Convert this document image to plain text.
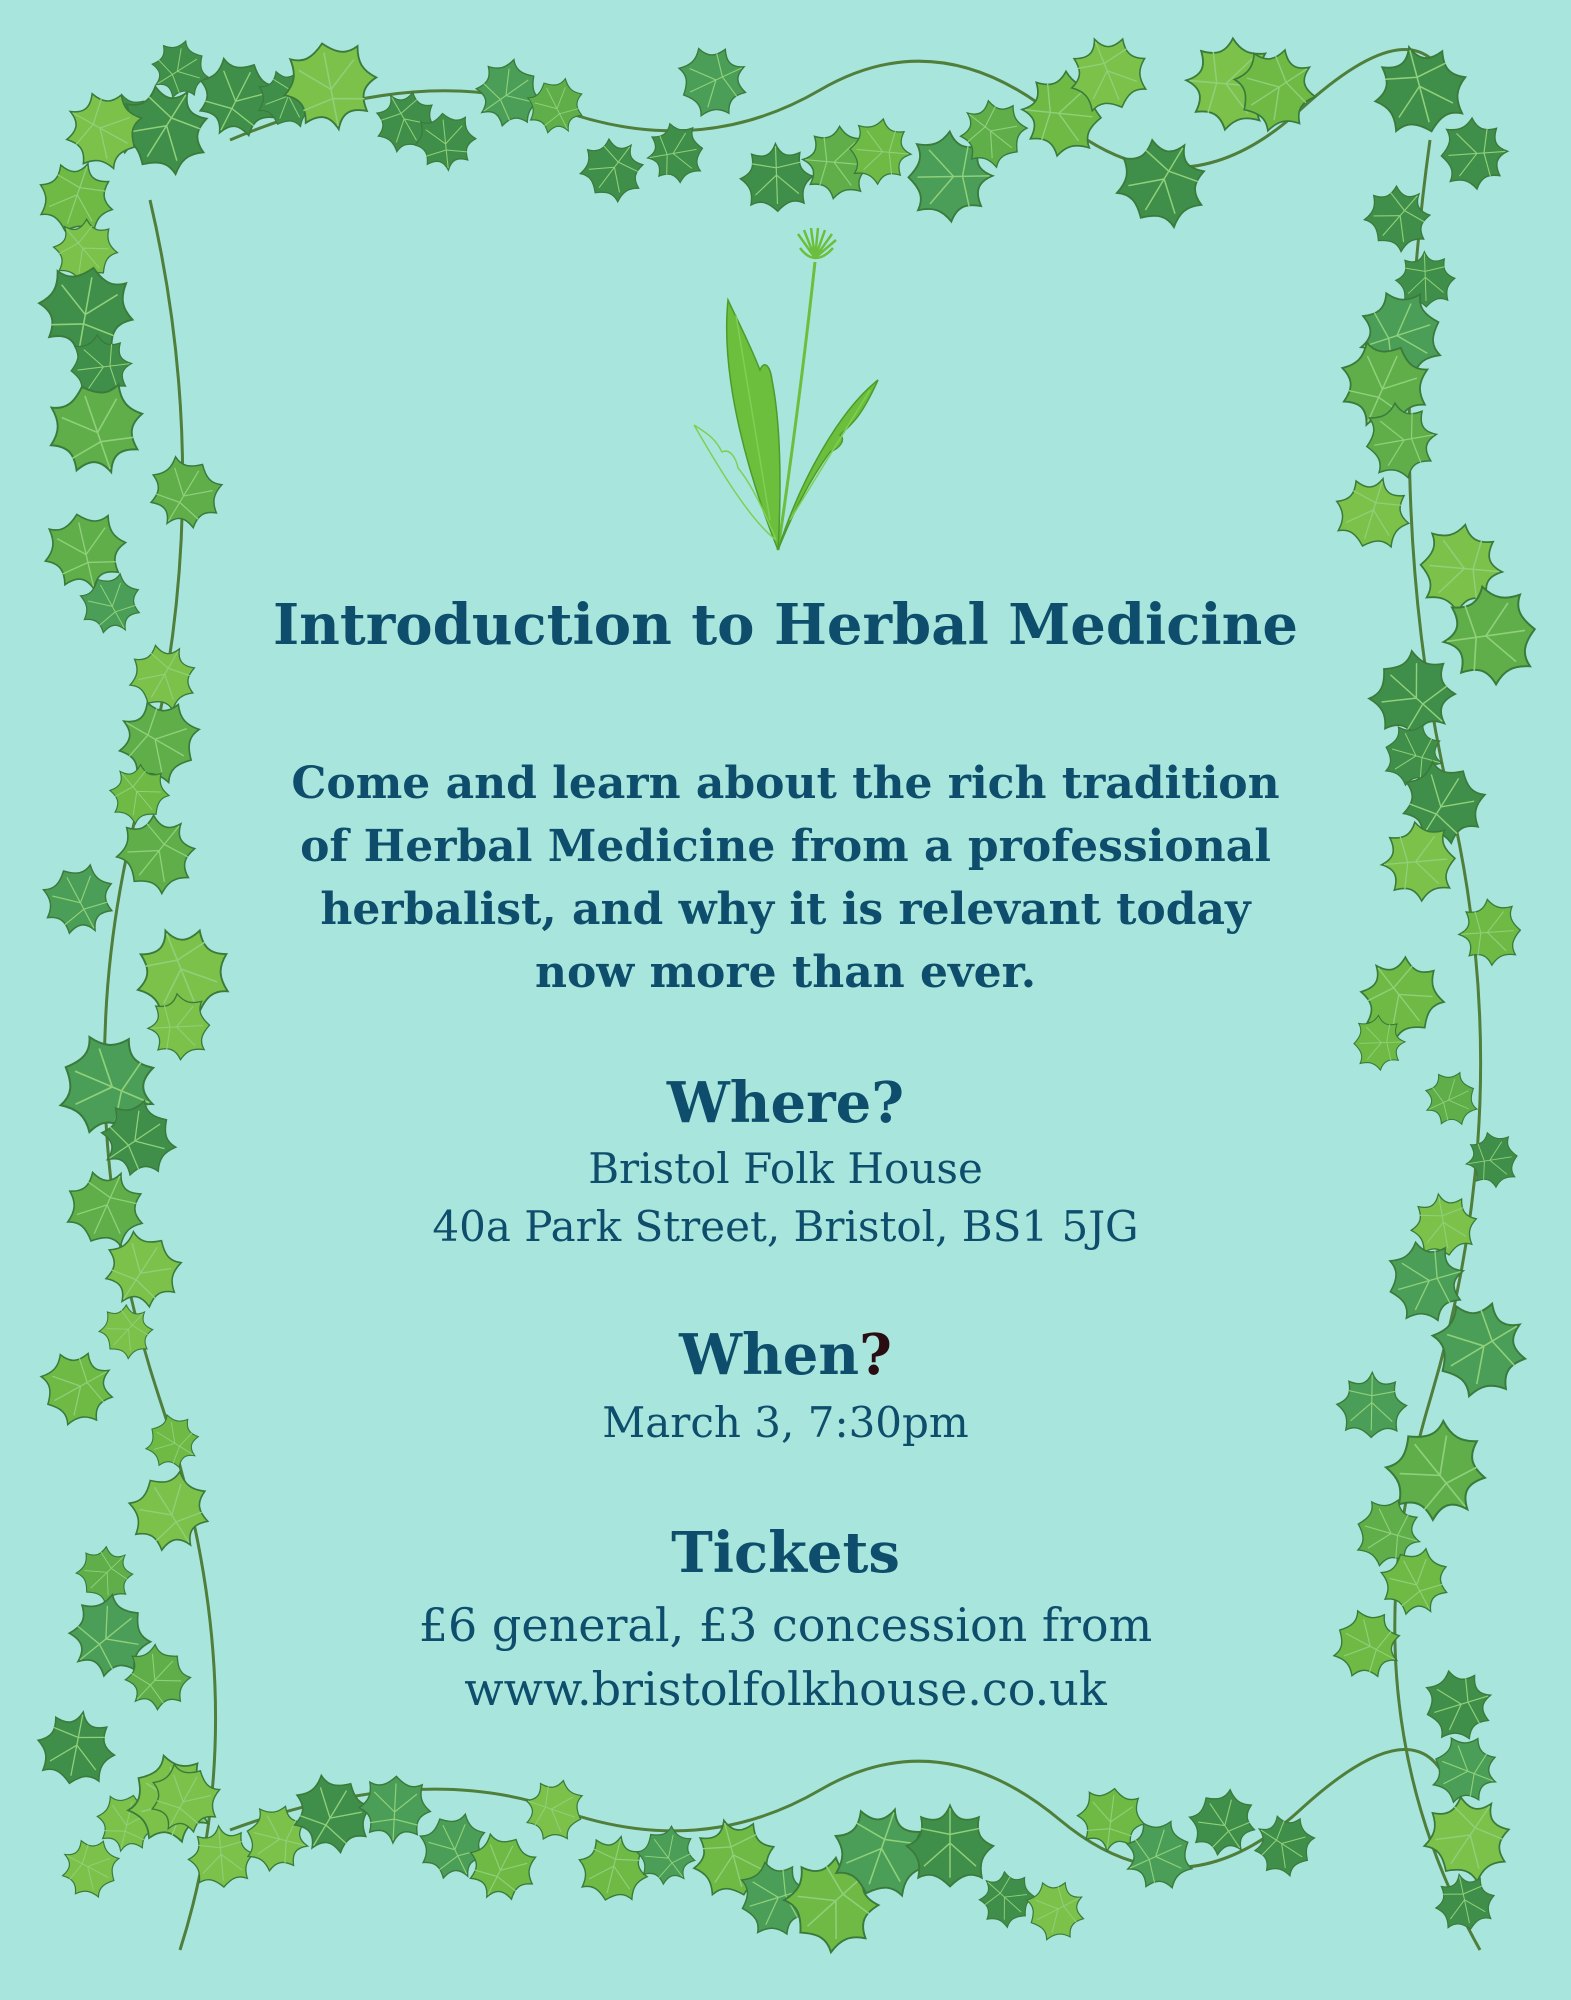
Introduction to Herbal Medicine

Come and learn about the rich tradition of Herbal Medicine from a professional herbalist, and why it is relevant today now more than ever.

Where?

Bristol Folk House

40a Park Street, Bristol, BS1 5JG

When?

March 3, 7:30pm

Tickets

£6 general, £3 concession from

www.bristolfolkhouse.co.uk
